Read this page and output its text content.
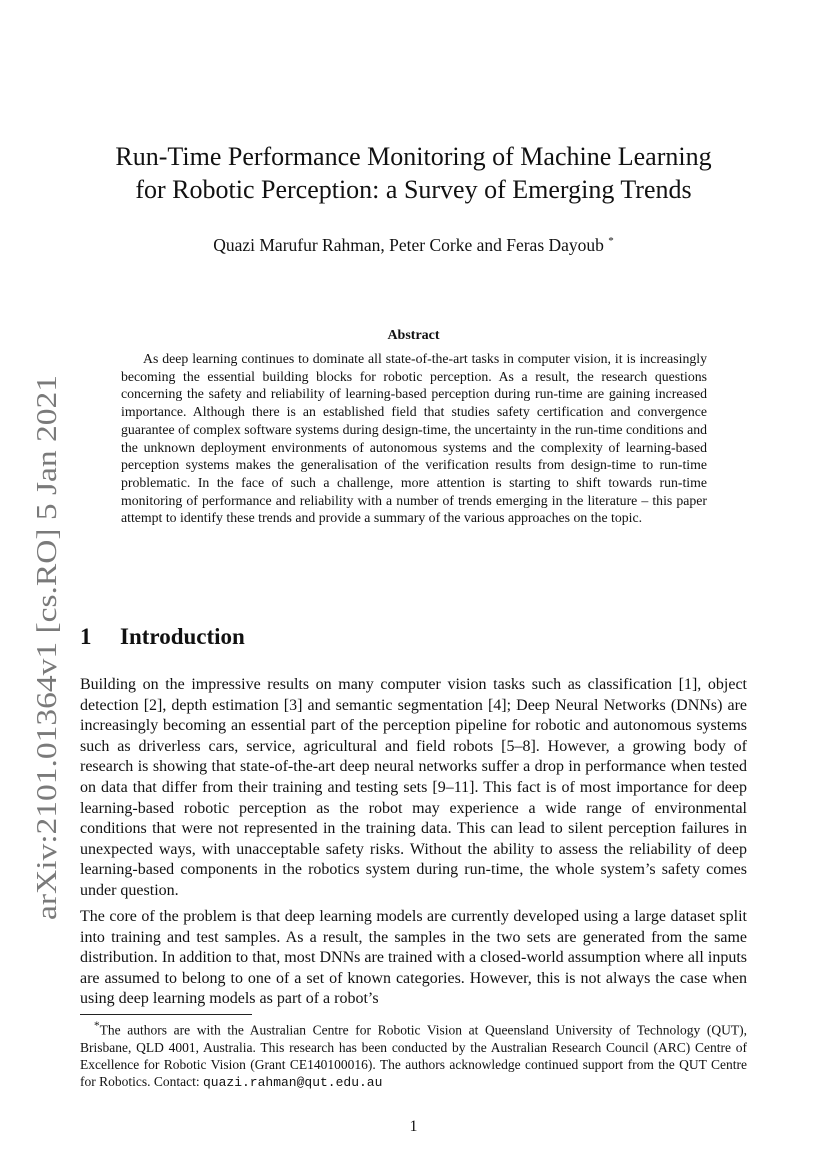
arXiv:2101.01364v1 [cs.RO] 5 Jan 2021
Run-Time Performance Monitoring of Machine Learning
for Robotic Perception: a Survey of Emerging Trends

Quazi Marufur Rahman, Peter Corke and Feras Dayoub *

Abstract

As deep learning continues to dominate all state-of-the-art tasks in computer vision, it is increasingly becoming the essential building blocks for robotic perception. As a result, the research questions concerning the safety and reliability of learning-based perception during run-time are gaining increased importance. Although there is an established field that studies safety certification and convergence guarantee of complex software systems during design-time, the uncertainty in the run-time conditions and the unknown deployment environments of autonomous systems and the complexity of learning-based perception systems makes the generalisation of the verification results from design-time to run-time problematic. In the face of such a challenge, more attention is starting to shift towards run-time monitoring of performance and reliability with a number of trends emerging in the literature – this paper attempt to identify these trends and provide a summary of the various approaches on the topic.

1 Introduction

Building on the impressive results on many computer vision tasks such as classification [1], object detection [2], depth estimation [3] and semantic segmentation [4]; Deep Neural Networks (DNNs) are increasingly becoming an essential part of the perception pipeline for robotic and autonomous systems such as driverless cars, service, agricultural and field robots [5–8]. However, a growing body of research is showing that state-of-the-art deep neural networks suffer a drop in performance when tested on data that differ from their training and testing sets [9–11]. This fact is of most importance for deep learning-based robotic perception as the robot may experience a wide range of environmental conditions that were not represented in the training data. This can lead to silent perception failures in unexpected ways, with unacceptable safety risks. Without the ability to assess the reliability of deep learning-based components in the robotics system during run-time, the whole system’s safety comes under question.

The core of the problem is that deep learning models are currently developed using a large dataset split into training and test samples. As a result, the samples in the two sets are generated from the same distribution. In addition to that, most DNNs are trained with a closed-world assumption where all inputs are assumed to belong to one of a set of known categories. However, this is not always the case when using deep learning models as part of a robot’s

*The authors are with the Australian Centre for Robotic Vision at Queensland University of Technology (QUT), Brisbane, QLD 4001, Australia. This research has been conducted by the Australian Research Council (ARC) Centre of Excellence for Robotic Vision (Grant CE140100016). The authors acknowledge continued support from the QUT Centre for Robotics. Contact: quazi.rahman@qut.edu.au

1
